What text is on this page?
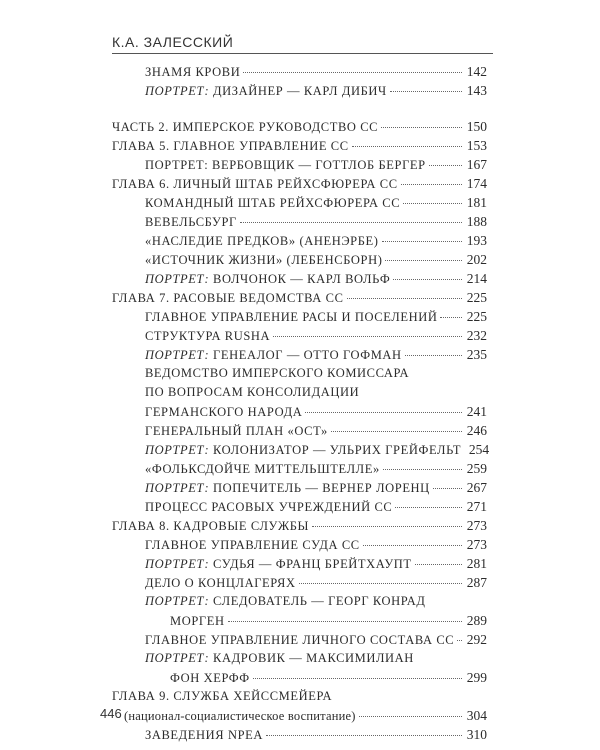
К.А. ЗАЛЕССКИЙ
ЗНАМЯ КРОВИ	142
ПОРТРЕТ: ДИЗАЙНЕР — КАРЛ ДИБИЧ	143
ЧАСТЬ 2. ИМПЕРСКОЕ РУКОВОДСТВО СС	150
ГЛАВА 5. ГЛАВНОЕ УПРАВЛЕНИЕ СС	153
ПОРТРЕТ: ВЕРБОВЩИК — ГОТТЛОБ БЕРГЕР	167
ГЛАВА 6. ЛИЧНЫЙ ШТАБ РЕЙХСФЮРЕРА СС	174
КОМАНДНЫЙ ШТАБ РЕЙХСФЮРЕРА СС	181
ВЕВЕЛЬСБУРГ	188
«НАСЛЕДИЕ ПРЕДКОВ» (АНЕНЭРБЕ)	193
«ИСТОЧНИК ЖИЗНИ» (ЛЕБЕНСБОРН)	202
ПОРТРЕТ: ВОЛЧОНОК — КАРЛ ВОЛЬФ	214
ГЛАВА 7. РАСОВЫЕ ВЕДОМСТВА СС	225
ГЛАВНОЕ УПРАВЛЕНИЕ РАСЫ И ПОСЕЛЕНИЙ 225
СТРУКТУРА RUSHA	232
ПОРТРЕТ: ГЕНЕАЛОГ — ОТТО ГОФМАН	235
ВЕДОМСТВО ИМПЕРСКОГО КОМИССАРА
ПО ВОПРОСАМ КОНСОЛИДАЦИИ
ГЕРМАНСКОГО НАРОДА	241
ГЕНЕРАЛЬНЫЙ ПЛАН «ОСТ»	246
ПОРТРЕТ: КОЛОНИЗАТОР — УЛЬРИХ ГРЕЙФЕЛЬТ 254
«ФОЛЬКСДОЙЧЕ МИТТЕЛЬШТЕЛЛЕ»	259
ПОРТРЕТ: ПОПЕЧИТЕЛЬ — ВЕРНЕР ЛОРЕНЦ	267
ПРОЦЕСС РАСОВЫХ УЧРЕЖДЕНИЙ СС	271
ГЛАВА 8. КАДРОВЫЕ СЛУЖБЫ	273
ГЛАВНОЕ УПРАВЛЕНИЕ СУДА СС	273
ПОРТРЕТ: СУДЬЯ — ФРАНЦ БРЕЙТХАУПТ	281
ДЕЛО О КОНЦЛАГЕРЯХ	287
ПОРТРЕТ: СЛЕДОВАТЕЛЬ — ГЕОРГ КОНРАД
МОРГЕН	289
ГЛАВНОЕ УПРАВЛЕНИЕ ЛИЧНОГО СОСТАВА СС 292
ПОРТРЕТ: КАДРОВИК — МАКСИМИЛИАН
ФОН ХЕРФФ	299
ГЛАВА 9. СЛУЖБА ХЕЙССМЕЙЕРА
(национал-социалистическое воспитание)	304
ЗАВЕДЕНИЯ NPEA	310
446
